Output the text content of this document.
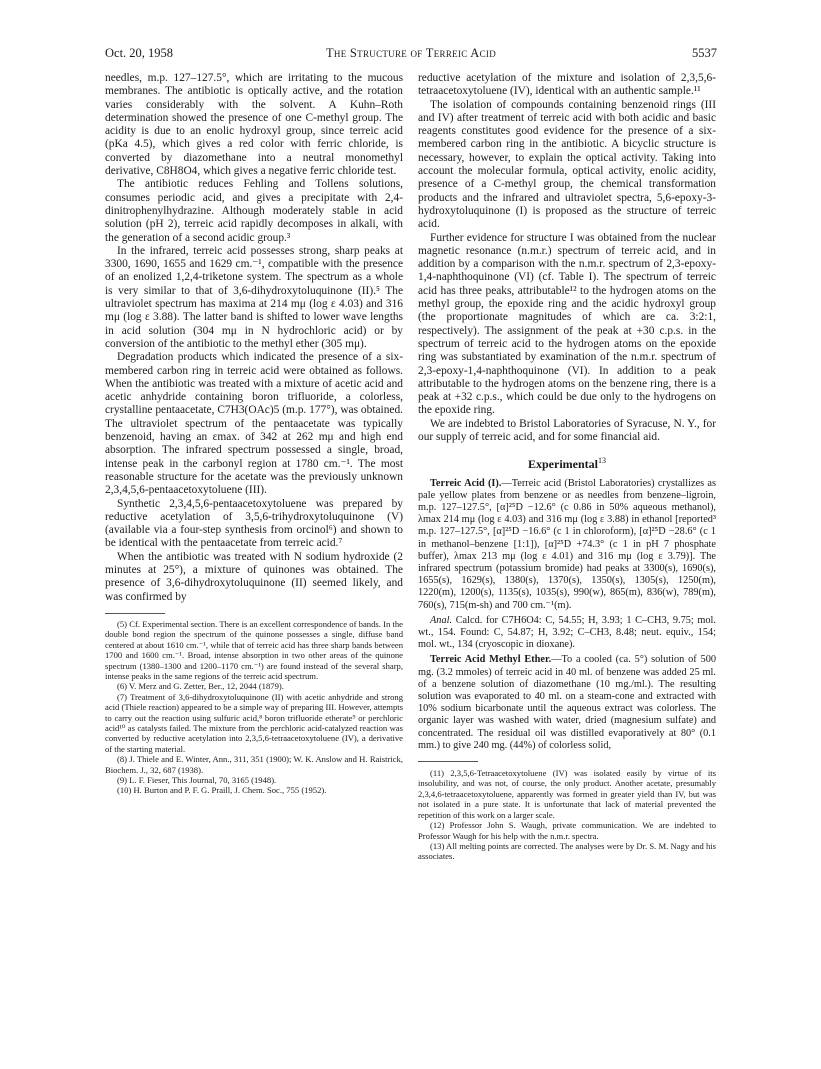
Oct. 20, 1958	The Structure of Terreic Acid	5537

needles, m.p. 127–127.5°, which are irritating to the mucous membranes. The antibiotic is optically active, and the rotation varies considerably with the solvent. A Kuhn–Roth determination showed the presence of one C-methyl group. The acidity is due to an enolic hydroxyl group, since terreic acid (pKa 4.5), which gives a red color with ferric chloride, is converted by diazomethane into a neutral monomethyl derivative, C8H8O4, which gives a negative ferric chloride test.

The antibiotic reduces Fehling and Tollens solutions, consumes periodic acid, and gives a precipitate with 2,4-dinitrophenylhydrazine. Although moderately stable in acid solution (pH 2), terreic acid rapidly decomposes in alkali, with the generation of a second acidic group.³

In the infrared, terreic acid possesses strong, sharp peaks at 3300, 1690, 1655 and 1629 cm.⁻¹, compatible with the presence of an enolized 1,2,4-triketone system. The spectrum as a whole is very similar to that of 3,6-dihydroxytoluquinone (II).⁵ The ultraviolet spectrum has maxima at 214 mμ (log ε 4.03) and 316 mμ (log ε 3.88). The latter band is shifted to lower wave lengths in acid solution (304 mμ in N hydrochloric acid) or by conversion of the antibiotic to the methyl ether (305 mμ).

Degradation products which indicated the presence of a six-membered carbon ring in terreic acid were obtained as follows. When the antibiotic was treated with a mixture of acetic acid and acetic anhydride containing boron trifluoride, a colorless, crystalline pentaacetate, C7H3(OAc)5 (m.p. 177°), was obtained. The ultraviolet spectrum of the pentaacetate was typically benzenoid, having an εmax. of 342 at 262 mμ and high end absorption. The infrared spectrum possessed a single, broad, intense peak in the carbonyl region at 1780 cm.⁻¹. The most reasonable structure for the acetate was the previously unknown 2,3,4,5,6-pentaacetoxytoluene (III).

Synthetic 2,3,4,5,6-pentaacetoxytoluene was prepared by reductive acetylation of 3,5,6-trihydroxytoluquinone (V) (available via a four-step synthesis from orcinol⁶) and shown to be identical with the pentaacetate from terreic acid.⁷

When the antibiotic was treated with N sodium hydroxide (2 minutes at 25°), a mixture of quinones was obtained. The presence of 3,6-dihydroxytoluquinone (II) seemed likely, and was confirmed by

(5) Cf. Experimental section. There is an excellent correspondence of bands. In the double bond region the spectrum of the quinone possesses a single, diffuse band centered at about 1610 cm.⁻¹, while that of terreic acid has three sharp bands between 1700 and 1600 cm.⁻¹. Broad, intense absorption in two other areas of the quinone spectrum (1380–1300 and 1200–1170 cm.⁻¹) are found instead of the several sharp, intense peaks in the same regions of the terreic acid spectrum.

(6) V. Merz and G. Zetter, Ber., 12, 2044 (1879).

(7) Treatment of 3,6-dihydroxytoluquinone (II) with acetic anhydride and strong acid (Thiele reaction) appeared to be a simple way of preparing III. However, attempts to carry out the reaction using sulfuric acid,⁸ boron trifluoride etherate⁹ or perchloric acid¹⁰ as catalysts failed. The mixture from the perchloric acid-catalyzed reaction was converted by reductive acetylation into 2,3,5,6-tetraacetoxytoluene (IV), a derivative of the starting material.

(8) J. Thiele and E. Winter, Ann., 311, 351 (1900); W. K. Anslow and H. Raistrick, Biochem. J., 32, 687 (1938).

(9) L. F. Fieser, This Journal, 70, 3165 (1948).

(10) H. Burton and P. F. G. Praill, J. Chem. Soc., 755 (1952).

reductive acetylation of the mixture and isolation of 2,3,5,6-tetraacetoxytoluene (IV), identical with an authentic sample.¹¹

The isolation of compounds containing benzenoid rings (III and IV) after treatment of terreic acid with both acidic and basic reagents constitutes good evidence for the presence of a six-membered carbon ring in the antibiotic. A bicyclic structure is necessary, however, to explain the optical activity. Taking into account the molecular formula, optical activity, enolic acidity, presence of a C-methyl group, the chemical transformation products and the infrared and ultraviolet spectra, 5,6-epoxy-3-hydroxytoluquinone (I) is proposed as the structure of terreic acid.

Further evidence for structure I was obtained from the nuclear magnetic resonance (n.m.r.) spectrum of terreic acid, and in addition by a comparison with the n.m.r. spectrum of 2,3-epoxy-1,4-naphthoquinone (VI) (cf. Table I). The spectrum of terreic acid has three peaks, attributable¹² to the hydrogen atoms on the methyl group, the epoxide ring and the acidic hydroxyl group (the proportionate magnitudes of which are ca. 3:2:1, respectively). The assignment of the peak at +30 c.p.s. in the spectrum of terreic acid to the hydrogen atoms on the epoxide ring was substantiated by examination of the n.m.r. spectrum of 2,3-epoxy-1,4-naphthoquinone (VI). In addition to a peak attributable to the hydrogen atoms on the benzene ring, there is a peak at +32 c.p.s., which could be due only to the hydrogens on the epoxide ring.

We are indebted to Bristol Laboratories of Syracuse, N. Y., for our supply of terreic acid, and for some financial aid.

Experimental$^{13}$

Terreic Acid (I).—Terreic acid (Bristol Laboratories) crystallizes as pale yellow plates from benzene or as needles from benzene–ligroin, m.p. 127–127.5°, [α]²⁵D −12.6° (c 0.86 in 50% aqueous methanol), λmax 214 mμ (log ε 4.03) and 316 mμ (log ε 3.88) in ethanol [reported³ m.p. 127–127.5°, [α]²⁵D −16.6° (c 1 in chloroform), [α]²⁵D −28.6° (c 1 in methanol–benzene [1:1]), [α]²⁵D +74.3° (c 1 in pH 7 phosphate buffer), λmax 213 mμ (log ε 4.01) and 316 mμ (log ε 3.79)]. The infrared spectrum (potassium bromide) had peaks at 3300(s), 1690(s), 1655(s), 1629(s), 1380(s), 1370(s), 1350(s), 1305(s), 1250(m), 1220(m), 1200(s), 1135(s), 1035(s), 990(w), 865(m), 836(w), 789(m), 760(s), 715(m-sh) and 700 cm.⁻¹(m).

Anal. Calcd. for C7H6O4: C, 54.55; H, 3.93; 1 C–CH3, 9.75; mol. wt., 154. Found: C, 54.87; H, 3.92; C–CH3, 8.48; neut. equiv., 154; mol. wt., 134 (cryoscopic in dioxane).

Terreic Acid Methyl Ether.—To a cooled (ca. 5°) solution of 500 mg. (3.2 mmoles) of terreic acid in 40 ml. of benzene was added 25 ml. of a benzene solution of diazomethane (10 mg./ml.). The resulting solution was evaporated to 40 ml. on a steam-cone and extracted with 10% sodium bicarbonate until the aqueous extract was colorless. The organic layer was washed with water, dried (magnesium sulfate) and concentrated. The residual oil was distilled evaporatively at 80° (0.1 mm.) to give 240 mg. (44%) of colorless solid,

(11) 2,3,5,6-Tetraacetoxytoluene (IV) was isolated easily by virtue of its insolubility, and was not, of course, the only product. Another acetate, presumably 2,3,4,6-tetraacetoxytoluene, apparently was formed in greater yield than IV, but was not isolated in a pure state. It is unfortunate that lack of material prevented the repetition of this work on a larger scale.

(12) Professor John S. Waugh, private communication. We are indebted to Professor Waugh for his help with the n.m.r. spectra.

(13) All melting points are corrected. The analyses were by Dr. S. M. Nagy and his associates.
